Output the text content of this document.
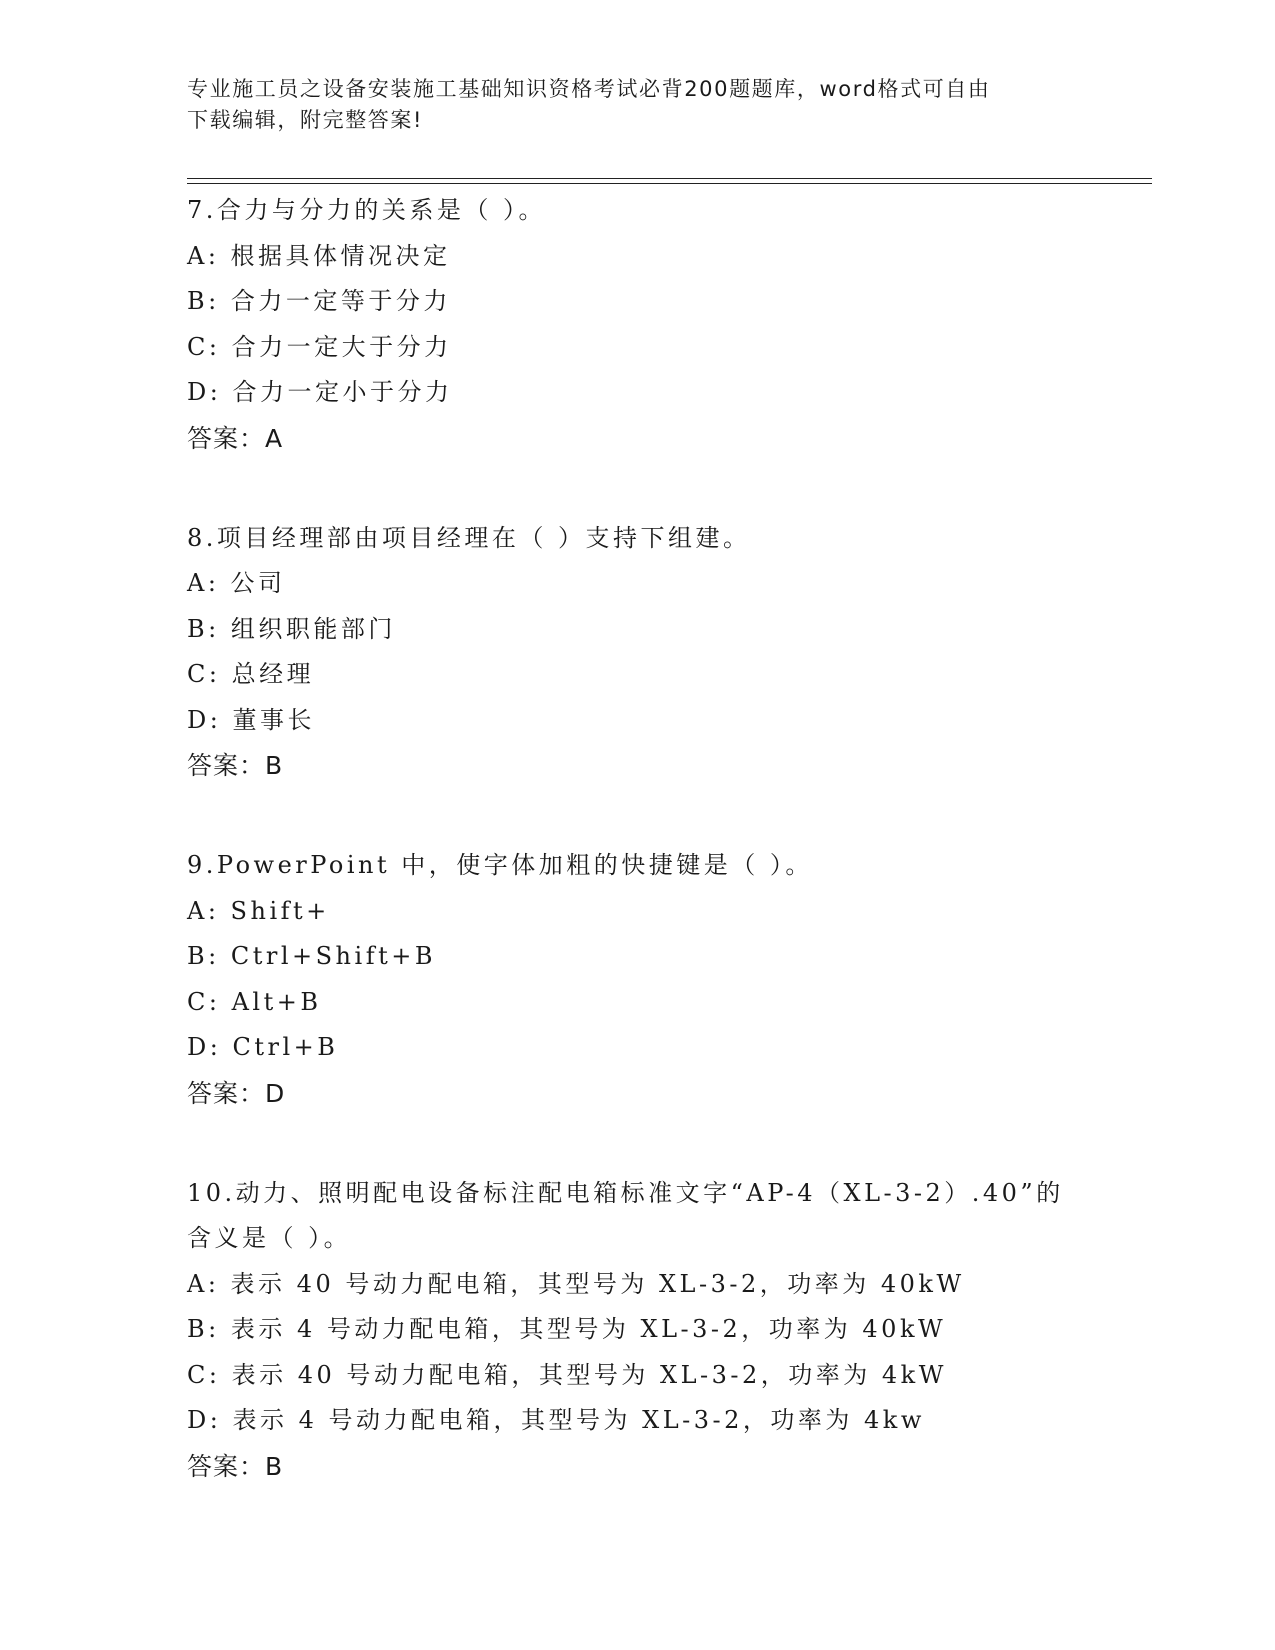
专业施工员之设备安装施工基础知识资格考试必背200题题库，word格式可自由
下载编辑，附完整答案!
7.合力与分力的关系是（ ）。
A: 根据具体情况决定
B: 合力一定等于分力
C: 合力一定大于分力
D: 合力一定小于分力
答案：A
8.项目经理部由项目经理在（ ）支持下组建。
A: 公司
B: 组织职能部门
C: 总经理
D: 董事长
答案：B
9.PowerPoint 中，使字体加粗的快捷键是（ ）。
A: Shift+
B: Ctrl+Shift+B
C: Alt+B
D: Ctrl+B
答案：D
10.动力、照明配电设备标注配电箱标准文字“AP-4（XL-3-2）.40”的含义是（ ）。
A: 表示 40 号动力配电箱，其型号为 XL-3-2，功率为 40kW
B: 表示 4 号动力配电箱，其型号为 XL-3-2，功率为 40kW
C: 表示 40 号动力配电箱，其型号为 XL-3-2，功率为 4kW
D: 表示 4 号动力配电箱，其型号为 XL-3-2，功率为 4kw
答案：B
